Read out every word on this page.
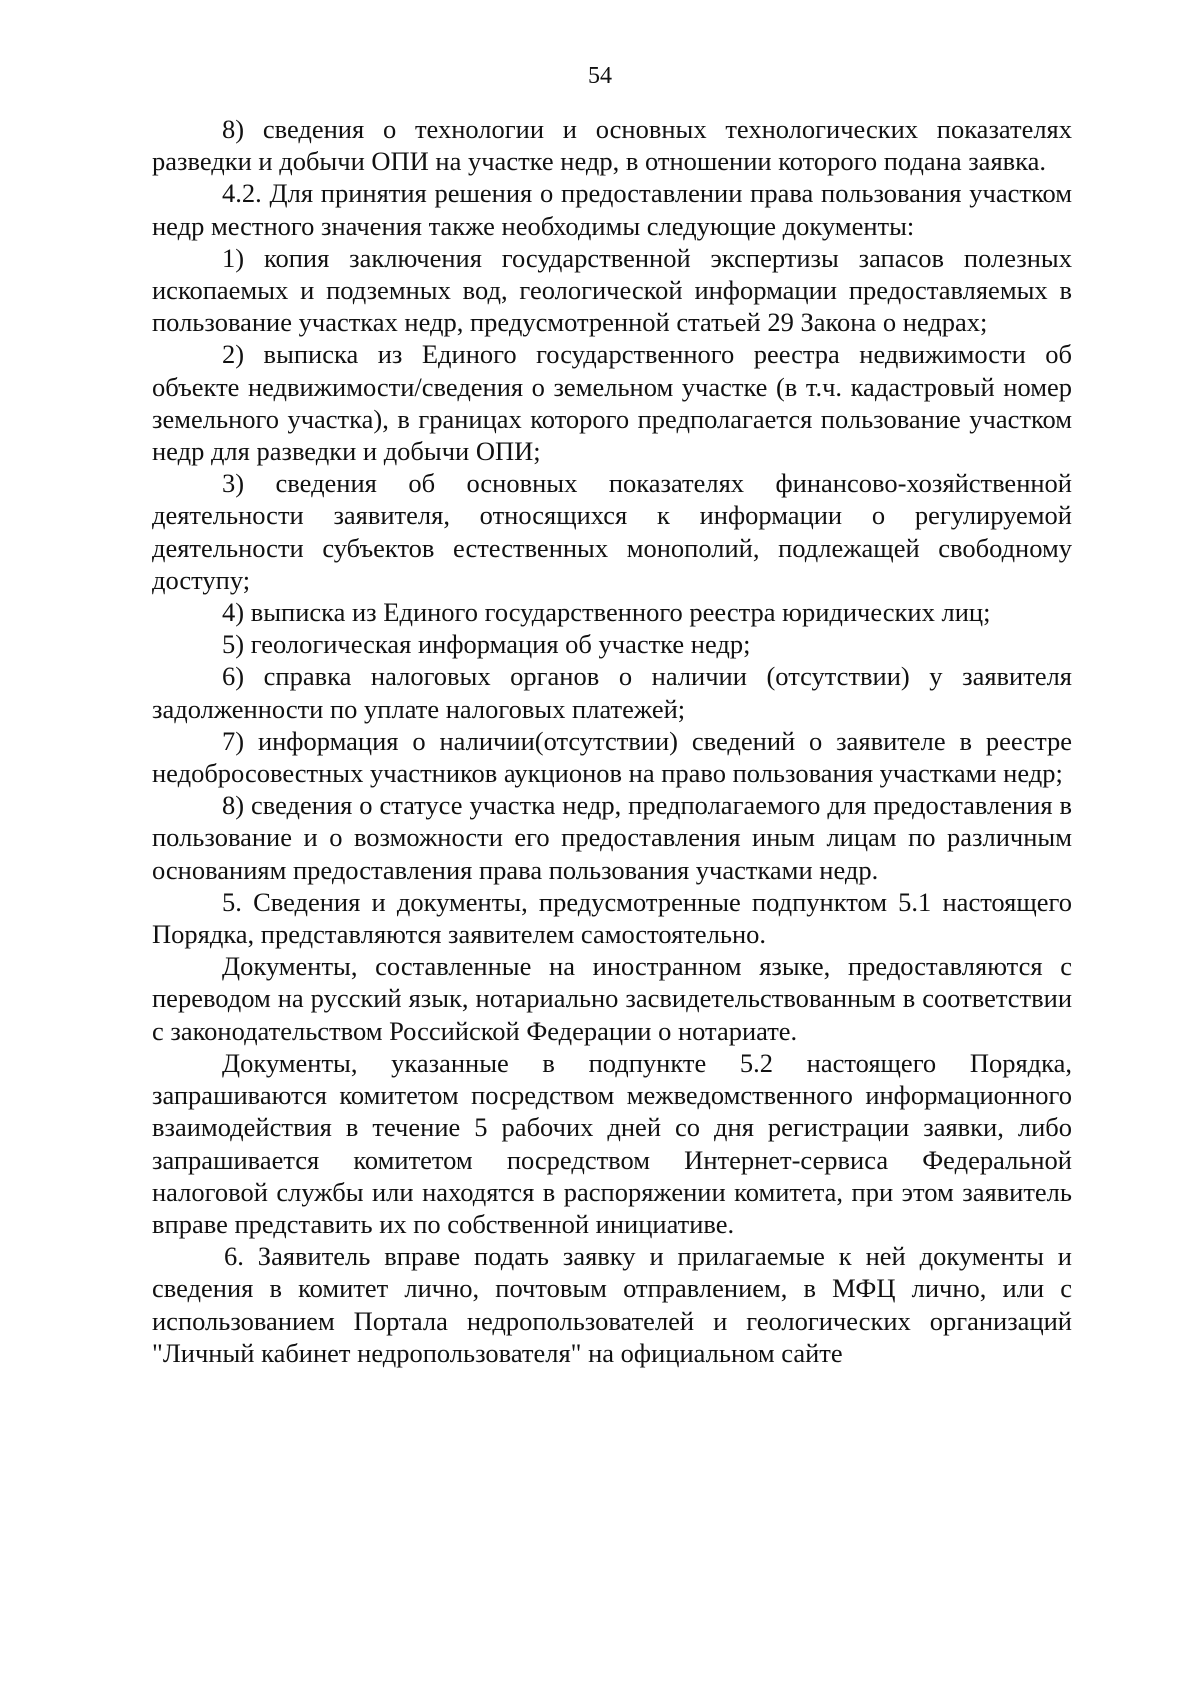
54

8) сведения о технологии и основных технологических показателях разведки и добычи ОПИ на участке недр, в отношении которого подана заявка.

4.2. Для принятия решения о предоставлении права пользования участком недр местного значения также необходимы следующие документы:

1) копия заключения государственной экспертизы запасов полезных ископаемых и подземных вод, геологической информации предоставляемых в пользование участках недр, предусмотренной статьей 29 Закона о недрах;

2) выписка из Единого государственного реестра недвижимости об объекте недвижимости/сведения о земельном участке (в т.ч. кадастровый номер земельного участка), в границах которого предполагается пользование участком недр для разведки и добычи ОПИ;

3) сведения об основных показателях финансово-хозяйственной деятельности заявителя, относящихся к информации о регулируемой деятельности субъектов естественных монополий, подлежащей свободному доступу;

4) выписка из Единого государственного реестра юридических лиц;

5) геологическая информация об участке недр;

6) справка налоговых органов о наличии (отсутствии) у заявителя задолженности по уплате налоговых платежей;

7) информация о наличии(отсутствии) сведений о заявителе в реестре недобросовестных участников аукционов на право пользования участками недр;

8) сведения о статусе участка недр, предполагаемого для предоставления в пользование и о возможности его предоставления иным лицам по различным основаниям предоставления права пользования участками недр.

5. Сведения и документы, предусмотренные подпунктом 5.1 настоящего Порядка, представляются заявителем самостоятельно.

Документы, составленные на иностранном языке, предоставляются с переводом на русский язык, нотариально засвидетельствованным в соответствии с законодательством Российской Федерации о нотариате.

Документы, указанные в подпункте 5.2 настоящего Порядка, запрашиваются комитетом посредством межведомственного информационного взаимодействия в течение 5 рабочих дней со дня регистрации заявки, либо запрашивается комитетом посредством Интернет-сервиса Федеральной налоговой службы или находятся в распоряжении комитета, при этом заявитель вправе представить их по собственной инициативе.

6. Заявитель вправе подать заявку и прилагаемые к ней документы и сведения в комитет лично, почтовым отправлением, в МФЦ лично, или с использованием Портала недропользователей и геологических организаций "Личный кабинет недропользователя" на официальном сайте
